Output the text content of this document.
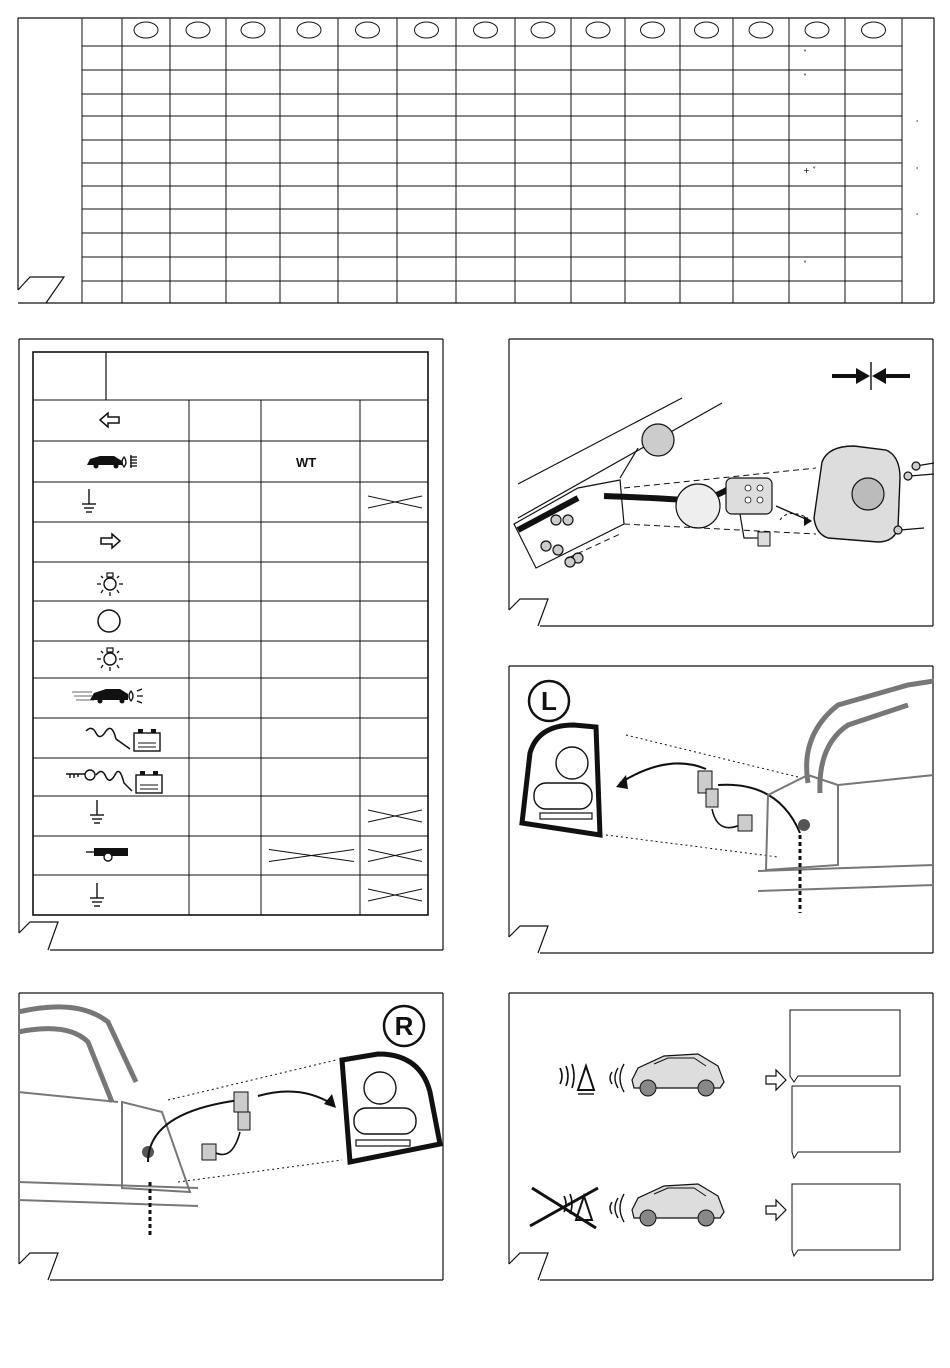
˅
˅
'
+ ˅	'
'
˅
WT
L
R
